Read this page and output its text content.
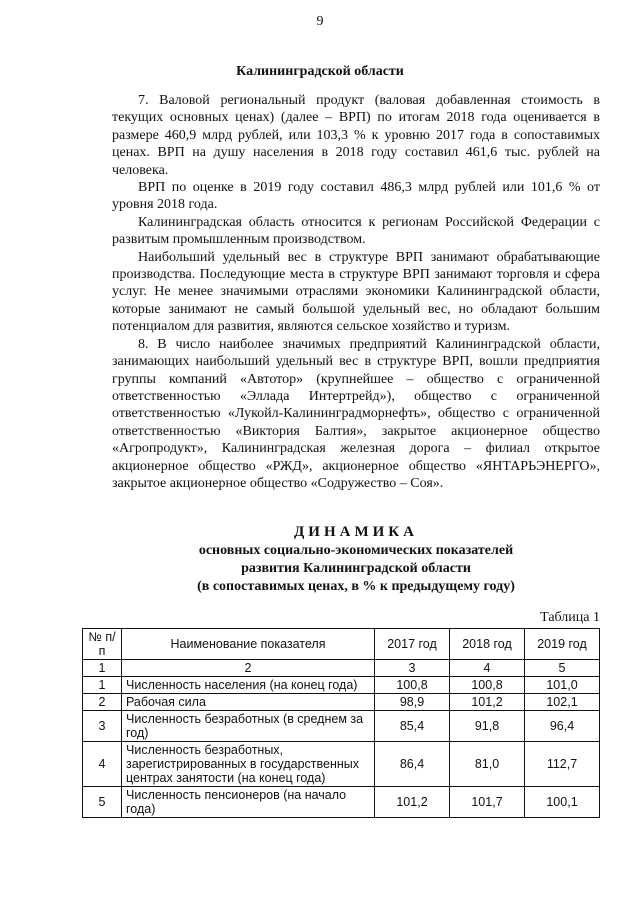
9
Калининградской области

7. Валовой региональный продукт (валовая добавленная стоимость в текущих основных ценах) (далее – ВРП) по итогам 2018 года оценивается в размере 460,9 млрд рублей, или 103,3 % к уровню 2017 года в сопоставимых ценах. ВРП на душу населения в 2018 году составил 461,6 тыс. рублей на человека.

ВРП по оценке в 2019 году составил 486,3 млрд рублей или 101,6 % от уровня 2018 года.

Калининградская область относится к регионам Российской Федерации с развитым промышленным производством.

Наибольший удельный вес в структуре ВРП занимают обрабатывающие производства. Последующие места в структуре ВРП занимают торговля и сфера услуг. Не менее значимыми отраслями экономики Калининградской области, которые занимают не самый большой удельный вес, но обладают большим потенциалом для развития, являются сельское хозяйство и туризм.

8. В число наиболее значимых предприятий Калининградской области, занимающих наибольший удельный вес в структуре ВРП, вошли предприятия группы компаний «Автотор» (крупнейшее – общество с ограниченной ответственностью «Эллада Интертрейд»), общество с ограниченной ответственностью «Лукойл-Калининградморнефть», общество с ограниченной ответственностью «Виктория Балтия», закрытое акционерное общество «Агропродукт», Калининградская железная дорога – филиал открытое акционерное общество «РЖД», акционерное общество «ЯНТАРЬЭНЕРГО», закрытое акционерное общество «Содружество – Соя».

ДИНАМИКА
основных социально-экономических показателей
развития Калининградской области
(в сопоставимых ценах, в % к предыдущему году)
Таблица 1
№ п/п	Наименование показателя	2017 год	2018 год	2019 год
1	2	3	4	5
1	Численность населения (на конец года)	100,8	100,8	101,0
2	Рабочая сила	98,9	101,2	102,1
3	Численность безработных (в среднем за год)	85,4	91,8	96,4
4	Численность безработных, зарегистрированных в государственных центрах занятости (на конец года)	86,4	81,0	112,7
5	Численность пенсионеров (на начало года)	101,2	101,7	100,1
